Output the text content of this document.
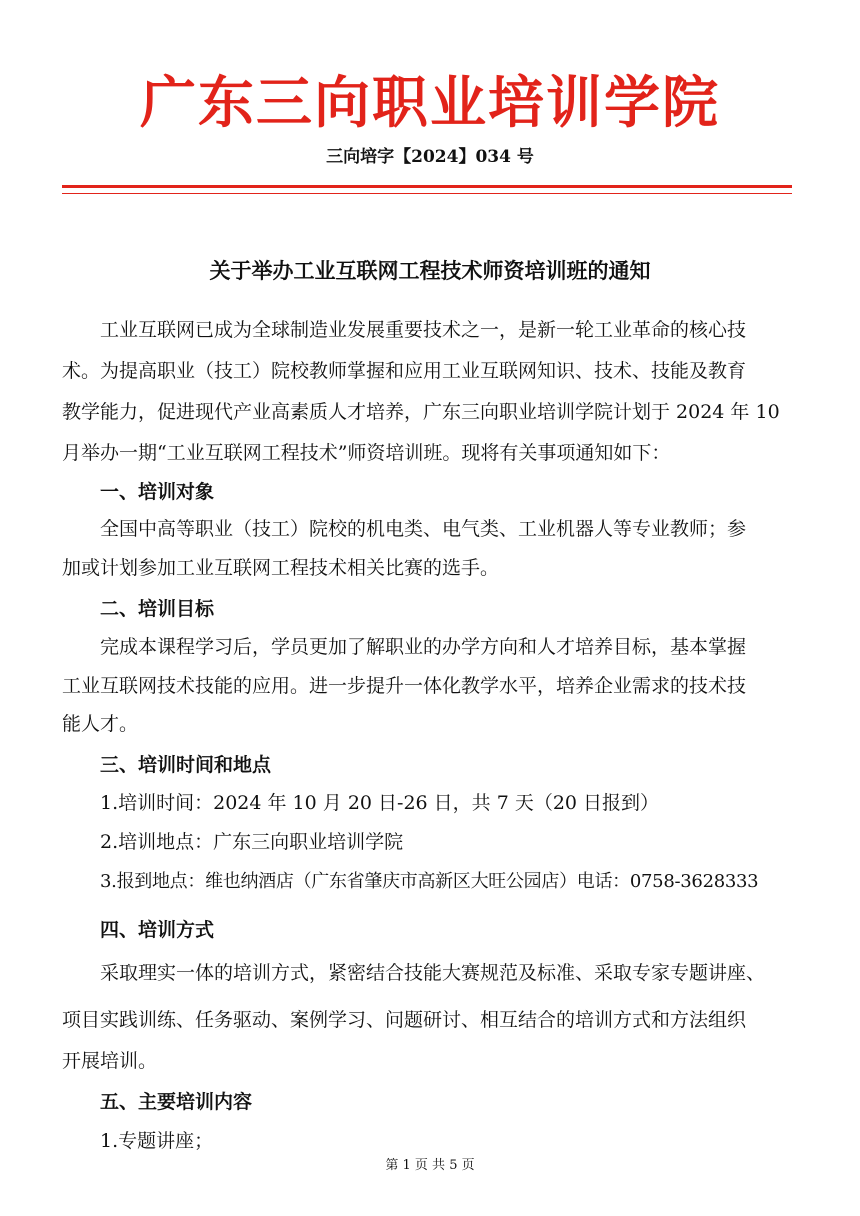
广东三向职业培训学院
三向培字【2024】034 号
关于举办工业互联网工程技术师资培训班的通知
工业互联网已成为全球制造业发展重要技术之一，是新一轮工业革命的核心技
术。为提高职业（技工）院校教师掌握和应用工业互联网知识、技术、技能及教育
教学能力，促进现代产业高素质人才培养，广东三向职业培训学院计划于 2024 年 10
月举办一期“工业互联网工程技术”师资培训班。现将有关事项通知如下：
一、培训对象
全国中高等职业（技工）院校的机电类、电气类、工业机器人等专业教师；参
加或计划参加工业互联网工程技术相关比赛的选手。
二、培训目标
完成本课程学习后，学员更加了解职业的办学方向和人才培养目标，基本掌握
工业互联网技术技能的应用。进一步提升一体化教学水平，培养企业需求的技术技
能人才。
三、培训时间和地点
1.培训时间：2024 年 10 月 20 日-26 日，共 7 天（20 日报到）
2.培训地点：广东三向职业培训学院
3.报到地点：维也纳酒店（广东省肇庆市高新区大旺公园店）电话：0758-3628333
四、培训方式
采取理实一体的培训方式，紧密结合技能大赛规范及标准、采取专家专题讲座、
项目实践训练、任务驱动、案例学习、问题研讨、相互结合的培训方式和方法组织
开展培训。
五、主要培训内容
1.专题讲座；
第 1 页 共 5 页
